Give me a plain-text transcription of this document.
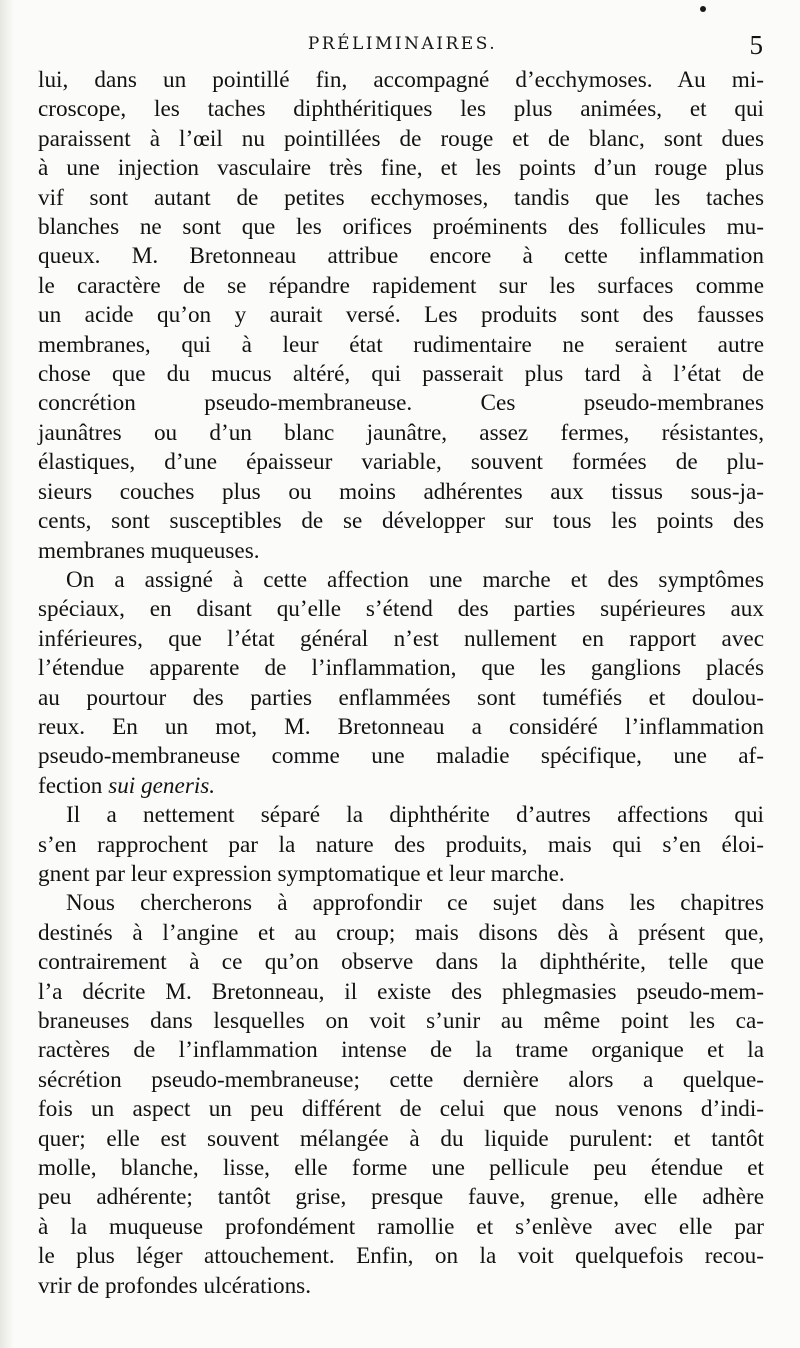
PRÉLIMINAIRES.	5
lui, dans un pointillé fin, accompagné d’ecchymoses. Au mi-
croscope, les taches diphthéritiques les plus animées, et qui
paraissent à l’œil nu pointillées de rouge et de blanc, sont dues
à une injection vasculaire très fine, et les points d’un rouge plus
vif sont autant de petites ecchymoses, tandis que les taches
blanches ne sont que les orifices proéminents des follicules mu-
queux. M. Bretonneau attribue encore à cette inflammation
le caractère de se répandre rapidement sur les surfaces comme
un acide qu’on y aurait versé. Les produits sont des fausses
membranes, qui à leur état rudimentaire ne seraient autre
chose que du mucus altéré, qui passerait plus tard à l’état de
concrétion pseudo-membraneuse. Ces pseudo-membranes
jaunâtres ou d’un blanc jaunâtre, assez fermes, résistantes,
élastiques, d’une épaisseur variable, souvent formées de plu-
sieurs couches plus ou moins adhérentes aux tissus sous-ja-
cents, sont susceptibles de se développer sur tous les points des
membranes muqueuses.
On a assigné à cette affection une marche et des symptômes
spéciaux, en disant qu’elle s’étend des parties supérieures aux
inférieures, que l’état général n’est nullement en rapport avec
l’étendue apparente de l’inflammation, que les ganglions placés
au pourtour des parties enflammées sont tuméfiés et doulou-
reux. En un mot, M. Bretonneau a considéré l’inflammation
pseudo-membraneuse comme une maladie spécifique, une af-
fection sui generis.
Il a nettement séparé la diphthérite d’autres affections qui
s’en rapprochent par la nature des produits, mais qui s’en éloi-
gnent par leur expression symptomatique et leur marche.
Nous chercherons à approfondir ce sujet dans les chapitres
destinés à l’angine et au croup; mais disons dès à présent que,
contrairement à ce qu’on observe dans la diphthérite, telle que
l’a décrite M. Bretonneau, il existe des phlegmasies pseudo-mem-
braneuses dans lesquelles on voit s’unir au même point les ca-
ractères de l’inflammation intense de la trame organique et la
sécrétion pseudo-membraneuse; cette dernière alors a quelque-
fois un aspect un peu différent de celui que nous venons d’indi-
quer; elle est souvent mélangée à du liquide purulent: et tantôt
molle, blanche, lisse, elle forme une pellicule peu étendue et
peu adhérente; tantôt grise, presque fauve, grenue, elle adhère
à la muqueuse profondément ramollie et s’enlève avec elle par
le plus léger attouchement. Enfin, on la voit quelquefois recou-
vrir de profondes ulcérations.
